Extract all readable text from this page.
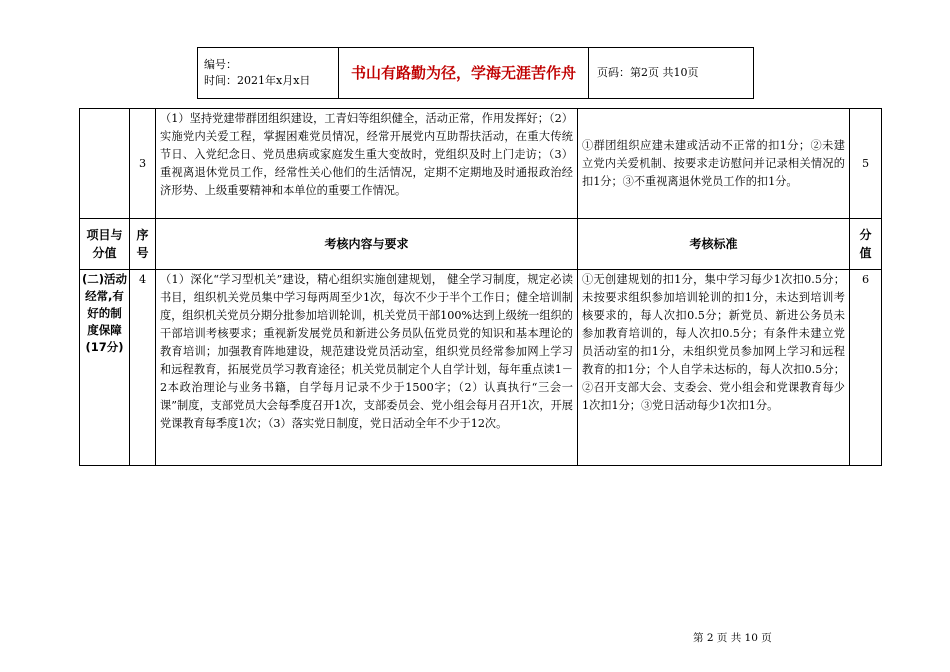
编号：
时间：2021年x月x日	书山有路勤为径，学海无涯苦作舟	页码：第2页 共10页
	3	（1）坚持党建带群团组织建设，工青妇等组织健全，活动正常，作用发挥好；（2）实施党内关爱工程，掌握困难党员情况，经常开展党内互助帮扶活动，在重大传统节日、入党纪念日、党员患病或家庭发生重大变故时，党组织及时上门走访；（3）重视离退休党员工作，经常性关心他们的生活情况，定期不定期地及时通报政治经济形势、上级重要精神和本单位的重要工作情况。	①群团组织应建未建或活动不正常的扣1分；②未建立党内关爱机制、按要求走访慰问并记录相关情况的扣1分；③不重视离退休党员工作的扣1分。	5
项目与分值	序号	考核内容与要求	考核标准	分值
(二)活动经常,有好的制度保障(17分)	4	（1）深化“学习型机关”建设，精心组织实施创建规划， 健全学习制度，规定必读书目，组织机关党员集中学习每两周至少1次，每次不少于半个工作日；健全培训制度，组织机关党员分期分批参加培训轮训，机关党员干部100%达到上级统一组织的干部培训考核要求；重视新发展党员和新进公务员队伍党员党的知识和基本理论的教育培训；加强教育阵地建设，规范建设党员活动室，组织党员经常参加网上学习和远程教育，拓展党员学习教育途径；机关党员制定个人自学计划，每年重点读1－2本政治理论与业务书籍，自学每月记录不少于1500字；（2）认真执行“三会一课”制度，支部党员大会每季度召开1次，支部委员会、党小组会每月召开1次，开展党课教育每季度1次；（3）落实党日制度，党日活动全年不少于12次。	①无创建规划的扣1分，集中学习每少1次扣0.5分；未按要求组织参加培训轮训的扣1分，未达到培训考核要求的，每人次扣0.5分；新党员、新进公务员未参加教育培训的，每人次扣0.5分；有条件未建立党员活动室的扣1分，未组织党员参加网上学习和远程教育的扣1分；个人自学未达标的，每人次扣0.5分；②召开支部大会、支委会、党小组会和党课教育每少1次扣1分；③党日活动每少1次扣1分。	6
第 2 页 共 10 页
